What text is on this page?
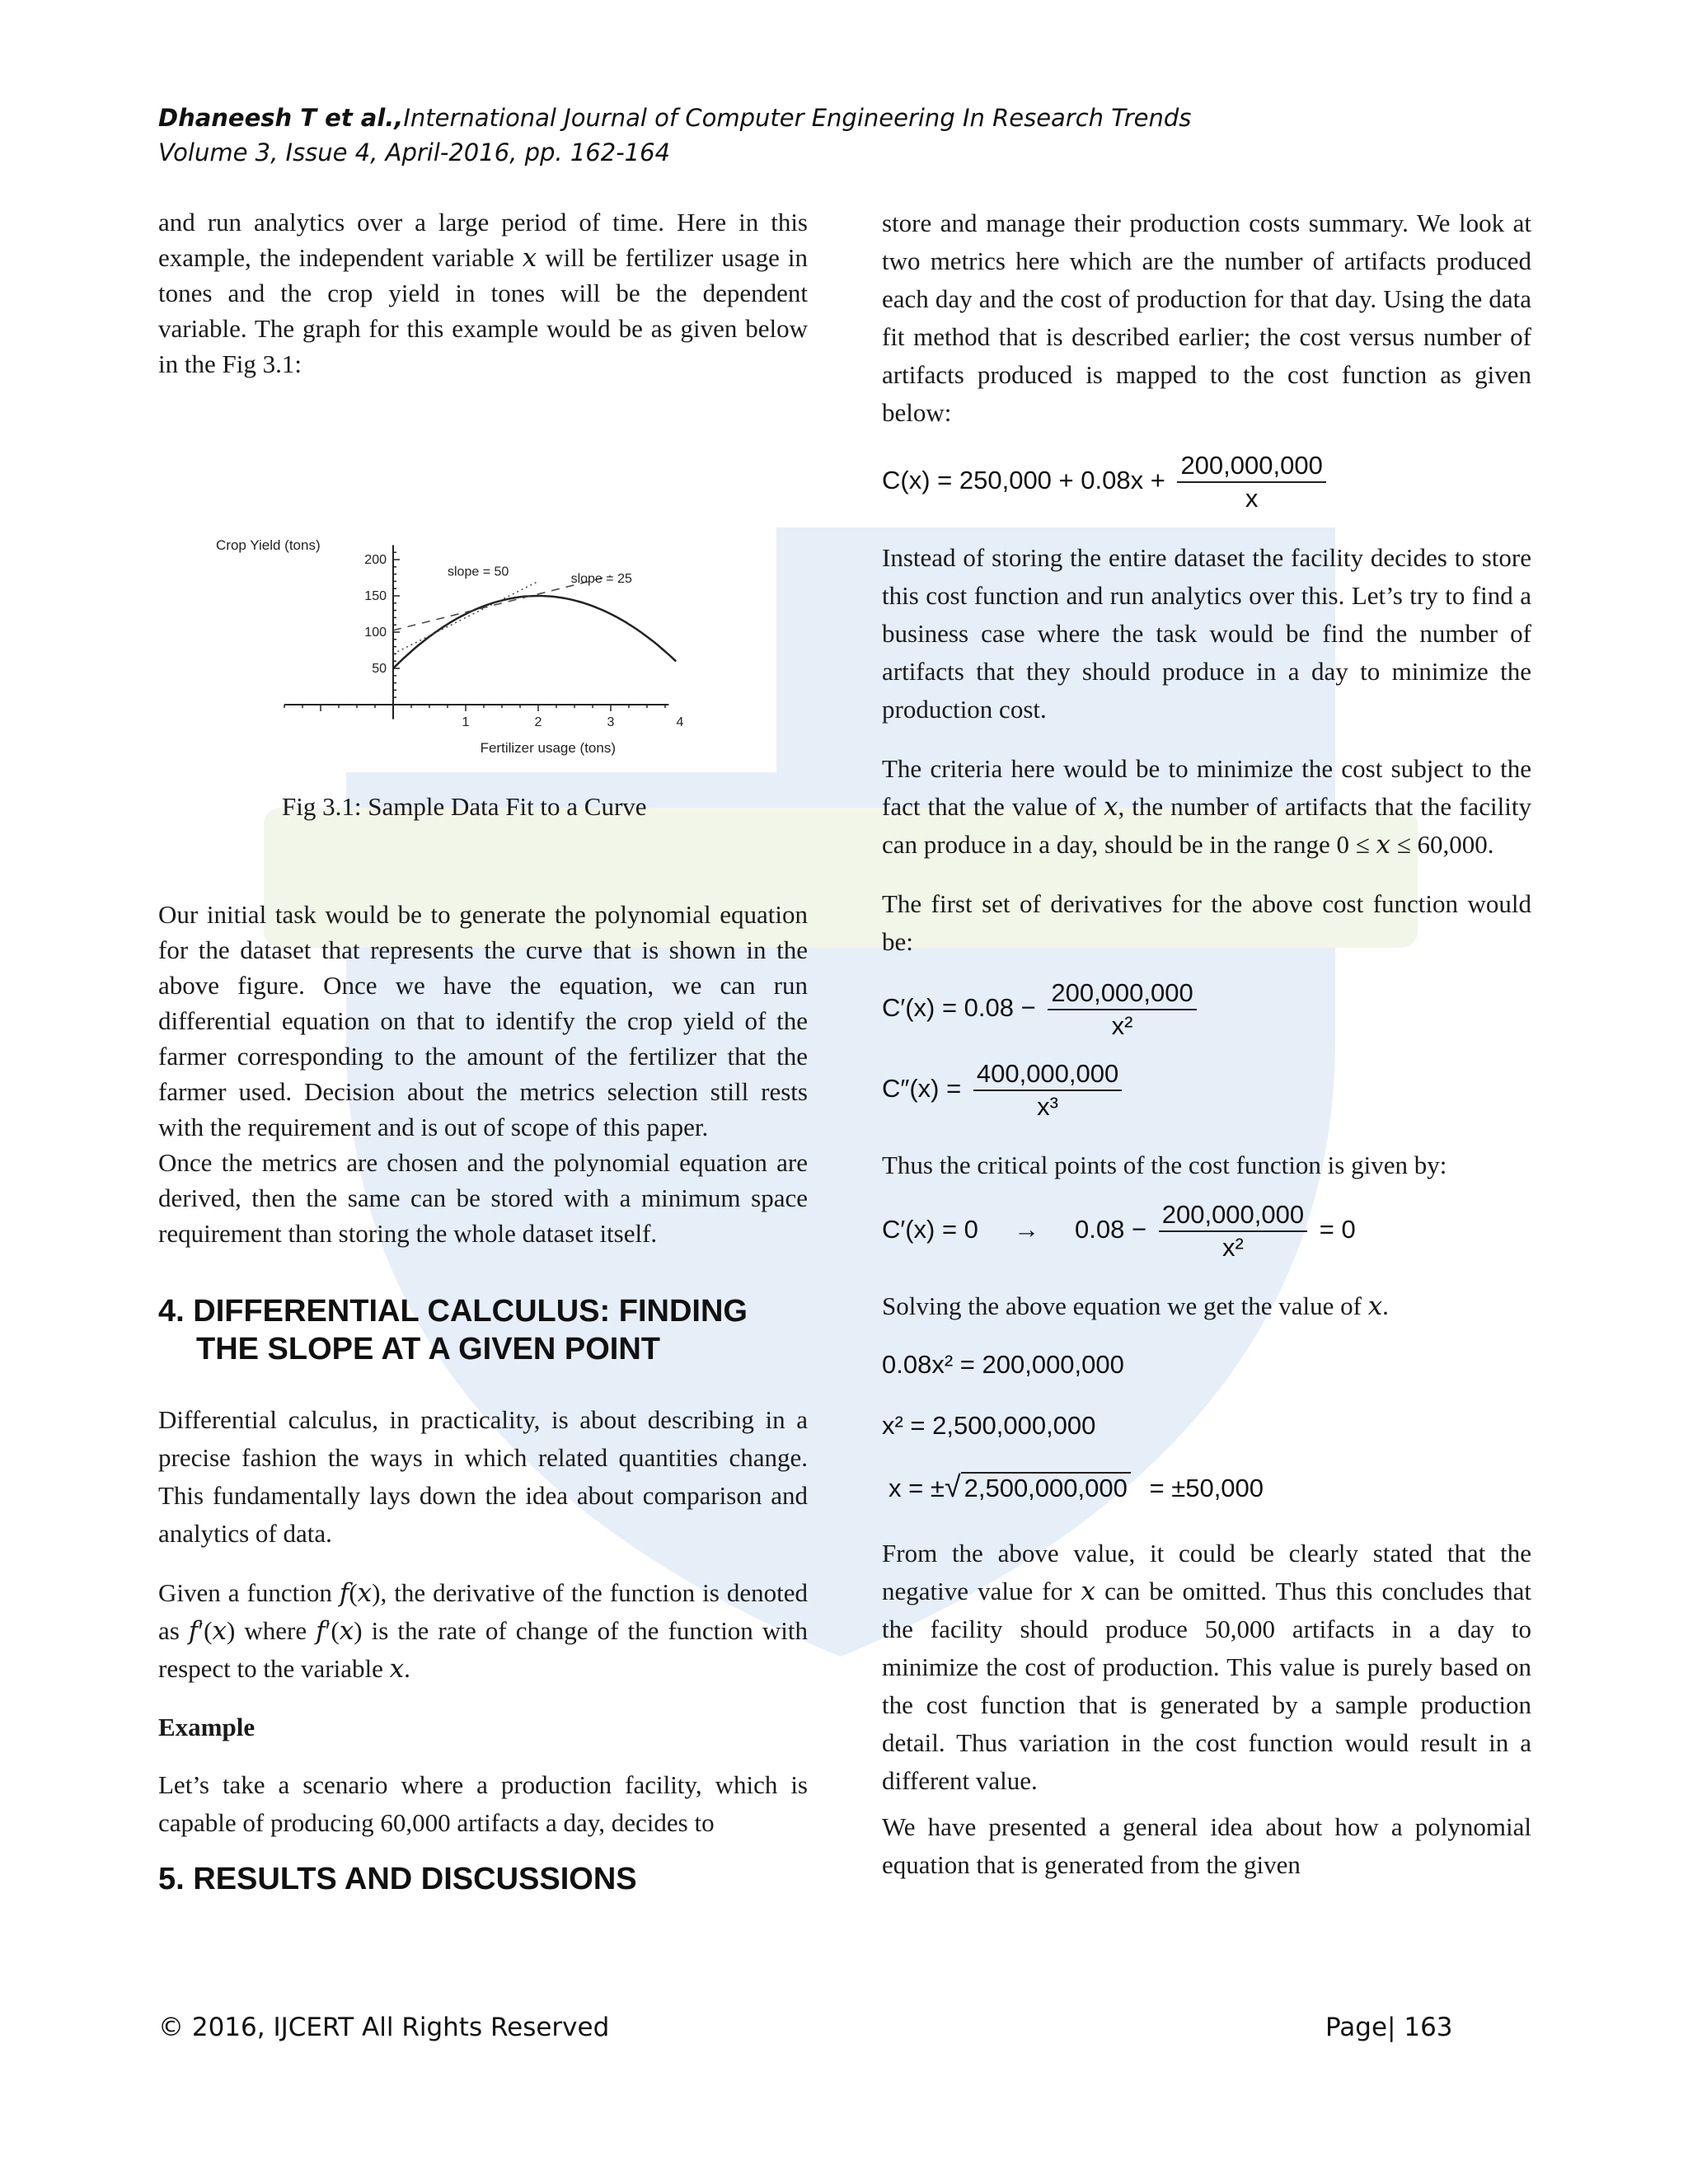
Dhaneesh T et al.,International Journal of Computer Engineering In Research Trends
Volume 3, Issue 4, April-2016, pp. 162-164

and run analytics over a large period of time. Here in this example, the independent variable 𝑥 will be fertilizer usage in tones and the crop yield in tones will be the dependent variable. The graph for this example would be as given below in the Fig 3.1:

1	2	3	4
50
100
150
200
Crop Yield (tons)
Fertilizer usage (tons)
slope = 50
slope = 25
Fig 3.1: Sample Data Fit to a Curve

Our initial task would be to generate the polynomial equation for the dataset that represents the curve that is shown in the above figure. Once we have the equation, we can run differential equation on that to identify the crop yield of the farmer corresponding to the amount of the fertilizer that the farmer used. Decision about the metrics selection still rests with the requirement and is out of scope of this paper.

Once the metrics are chosen and the polynomial equation are derived, then the same can be stored with a minimum space requirement than storing the whole dataset itself.

4. DIFFERENTIAL CALCULUS: FINDING
THE SLOPE AT A GIVEN POINT

Differential calculus, in practicality, is about describing in a precise fashion the ways in which related quantities change. This fundamentally lays down the idea about comparison and analytics of data.

Given a function 𝑓(𝑥), the derivative of the function is denoted as 𝑓′(𝑥) where 𝑓′(𝑥) is the rate of change of the function with respect to the variable 𝑥.

Example

Let’s take a scenario where a production facility, which is capable of producing 60,000 artifacts a day, decides to

5. RESULTS AND DISCUSSIONS

store and manage their production costs summary. We look at two metrics here which are the number of artifacts produced each day and the cost of production for that day. Using the data fit method that is described earlier; the cost versus number of artifacts produced is mapped to the cost function as given below:

$C(x) = 250,000 + 0.08x + \frac{200,000,000}{x}$

Instead of storing the entire dataset the facility decides to store this cost function and run analytics over this. Let’s try to find a business case where the task would be find the number of artifacts that they should produce in a day to minimize the production cost.

The criteria here would be to minimize the cost subject to the fact that the value of 𝑥, the number of artifacts that the facility can produce in a day, should be in the range 0 ≤ 𝑥 ≤ 60,000.

The first set of derivatives for the above cost function would be:

$C'(x) = 0.08 - \frac{200,000,000}{\text{x²}}$
$C''(x) = \frac{400,000,000}{\text{x³}}$

Thus the critical points of the cost function is given by:

C′(x) = 0     →     $0.08 - \frac{200,000,000}{\text{x²}} = 0$

Solving the above equation we get the value of 𝑥.

0.08x² = 200,000,000
x² = 2,500,000,000
x = ±√ 2,500,000,000 = ±50,000

From the above value, it could be clearly stated that the negative value for 𝑥 can be omitted. Thus this concludes that the facility should produce 50,000 artifacts in a day to minimize the cost of production. This value is purely based on the cost function that is generated by a sample production detail. Thus variation in the cost function would result in a different value.

We have presented a general idea about how a polynomial equation that is generated from the given

© 2016, IJCERT All Rights Reserved	Page| 163
